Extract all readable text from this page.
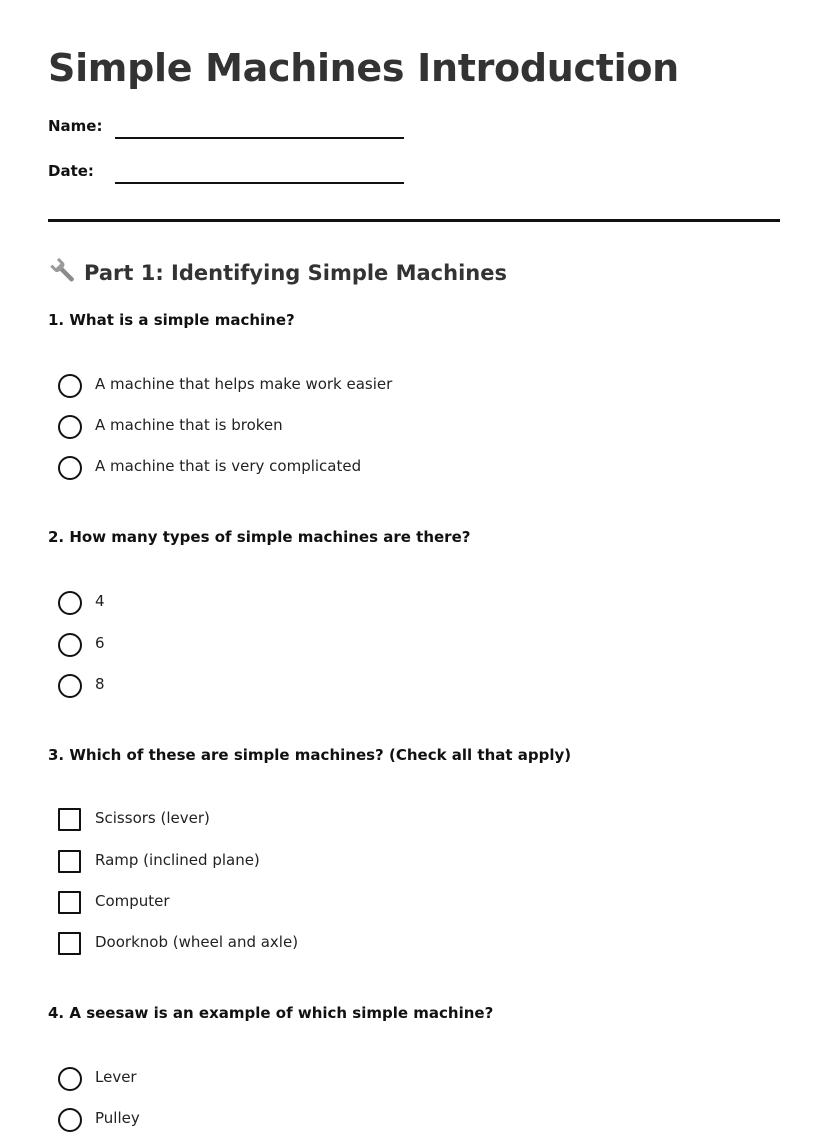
Simple Machines Introduction
Name:
Date:
Part 1: Identifying Simple Machines

1. What is a simple machine?

A machine that helps make work easier
A machine that is broken
A machine that is very complicated

2. How many types of simple machines are there?

4
6
8

3. Which of these are simple machines? (Check all that apply)

Scissors (lever)
Ramp (inclined plane)
Computer
Doorknob (wheel and axle)

4. A seesaw is an example of which simple machine?

Lever
Pulley
